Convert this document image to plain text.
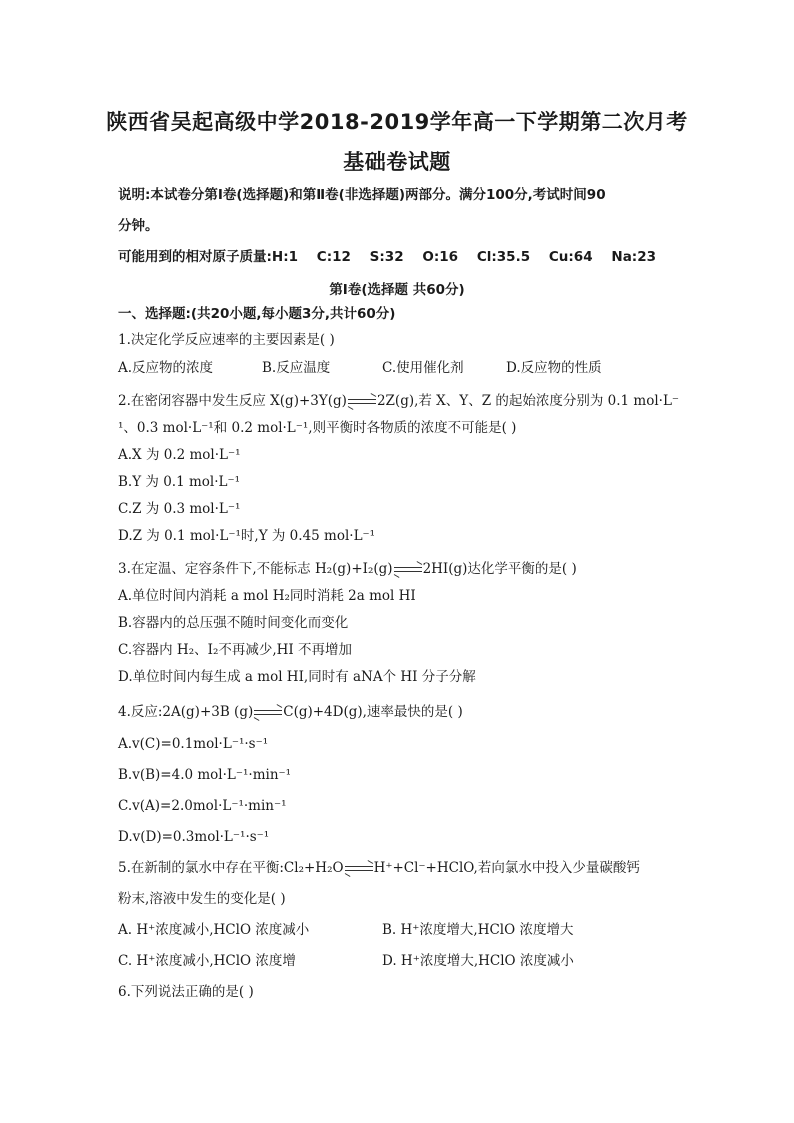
陕西省吴起高级中学2018-2019学年高一下学期第二次月考
基础卷试题
说明:本试卷分第Ⅰ卷(选择题)和第Ⅱ卷(非选择题)两部分。满分100分,考试时间90
分钟。
可能用到的相对原子质量:H:1    C:12    S:32    O:16    Cl:35.5    Cu:64    Na:23
第Ⅰ卷(选择题 共60分)
一、选择题:(共20小题,每小题3分,共计60分)
1.决定化学反应速率的主要因素是( )
A.反应物的浓度	B.反应温度	C.使用催化剂	D.反应物的性质
2.在密闭容器中发生反应 X(g)+3Y(g) 2Z(g),若 X、Y、Z 的起始浓度分别为 0.1 mol·L⁻
¹、0.3 mol·L⁻¹和 0.2 mol·L⁻¹,则平衡时各物质的浓度不可能是( )
A.X 为 0.2 mol·L⁻¹
B.Y 为 0.1 mol·L⁻¹
C.Z 为 0.3 mol·L⁻¹
D.Z 为 0.1 mol·L⁻¹时,Y 为 0.45 mol·L⁻¹
3.在定温、定容条件下,不能标志 H₂(g)+I₂(g) 2HI(g)达化学平衡的是( )
A.单位时间内消耗 a mol H₂同时消耗 2a mol HI
B.容器内的总压强不随时间变化而变化
C.容器内 H₂、I₂不再减少,HI 不再增加
D.单位时间内每生成 a mol HI,同时有 aNA个 HI 分子分解
4.反应:2A(g)+3B (g) C(g)+4D(g),速率最快的是( )
A.v(C)=0.1mol·L⁻¹·s⁻¹
B.v(B)=4.0 mol·L⁻¹·min⁻¹
C.v(A)=2.0mol·L⁻¹·min⁻¹
D.v(D)=0.3mol·L⁻¹·s⁻¹
5.在新制的氯水中存在平衡:Cl₂+H₂O H⁺+Cl⁻+HClO,若向氯水中投入少量碳酸钙
粉末,溶液中发生的变化是( )
A. H⁺浓度减小,HClO 浓度减小	B. H⁺浓度增大,HClO 浓度增大
C. H⁺浓度减小,HClO 浓度增	D. H⁺浓度增大,HClO 浓度减小
6.下列说法正确的是( )
